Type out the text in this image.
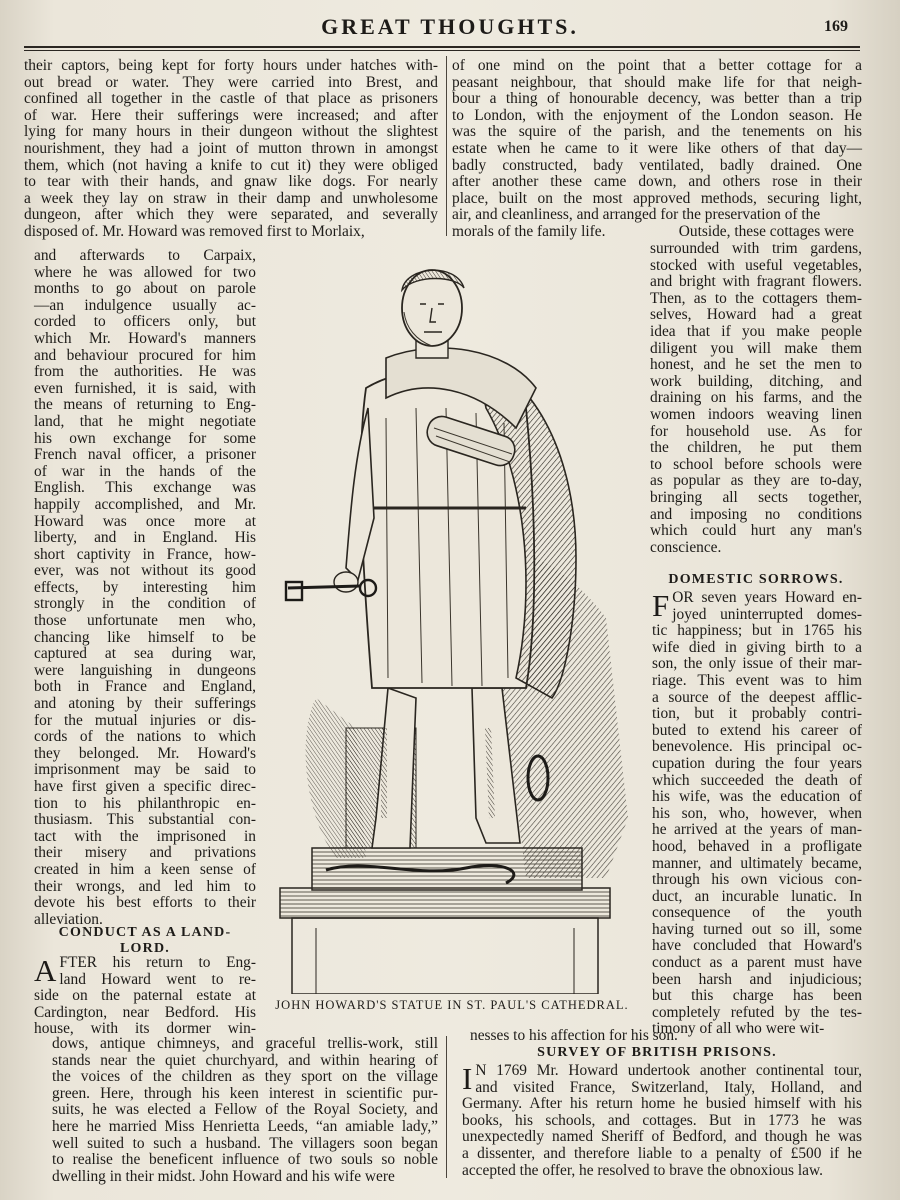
GREAT THOUGHTS.	169
their captors, being kept for forty hours under hatches with-
out bread or water. They were carried into Brest, and
confined all together in the castle of that place as prisoners
of war. Here their sufferings were increased; and after
lying for many hours in their dungeon without the slightest
nourishment, they had a joint of mutton thrown in amongst
them, which (not having a knife to cut it) they were obliged
to tear with their hands, and gnaw like dogs. For nearly
a week they lay on straw in their damp and unwholesome
dungeon, after which they were separated, and severally
disposed of. Mr. Howard was removed first to Morlaix,
and afterwards to Carpaix,
where he was allowed for two
months to go about on parole
—an indulgence usually ac-
corded to officers only, but
which Mr. Howard's manners
and behaviour procured for him
from the authorities. He was
even furnished, it is said, with
the means of returning to Eng-
land, that he might negotiate
his own exchange for some
French naval officer, a prisoner
of war in the hands of the
English. This exchange was
happily accomplished, and Mr.
Howard was once more at
liberty, and in England. His
short captivity in France, how-
ever, was not without its good
effects, by interesting him
strongly in the condition of
those unfortunate men who,
chancing like himself to be
captured at sea during war,
were languishing in dungeons
both in France and England,
and atoning by their sufferings
for the mutual injuries or dis-
cords of the nations to which
they belonged. Mr. Howard's
imprisonment may be said to
have first given a specific direc-
tion to his philanthropic en-
thusiasm. This substantial con-
tact with the imprisoned in
their misery and privations
created in him a keen sense of
their wrongs, and led him to
devote his best efforts to their
alleviation.
CONDUCT AS A LAND-
LORD.
AFTER his return to Eng-
land Howard went to re-
side on the paternal estate at
Cardington, near Bedford. His
house, with its dormer win-
dows, antique chimneys, and graceful trellis-work, still
stands near the quiet churchyard, and within hearing of
the voices of the children as they sport on the village
green. Here, through his keen interest in scientific pur-
suits, he was elected a Fellow of the Royal Society, and
here he married Miss Henrietta Leeds, “an amiable lady,”
well suited to such a husband. The villagers soon began
to realise the beneficent influence of two souls so noble
dwelling in their midst. John Howard and his wife were
of one mind on the point that a better cottage for a
peasant neighbour, that should make life for that neigh-
bour a thing of honourable decency, was better than a trip
to London, with the enjoyment of the London season. He
was the squire of the parish, and the tenements on his
estate when he came to it were like others of that day—
badly constructed, bady ventilated, badly drained. One
after another these came down, and others rose in their
place, built on the most approved methods, securing light,
air, and cleanliness, and arranged for the preservation of the
morals of the family life.	Outside, these cottages were
surrounded with trim gardens,
stocked with useful vegetables,
and bright with fragrant flowers.
Then, as to the cottagers them-
selves, Howard had a great
idea that if you make people
diligent you will make them
honest, and he set the men to
work building, ditching, and
draining on his farms, and the
women indoors weaving linen
for household use. As for
the children, he put them
to school before schools were
as popular as they are to-day,
bringing all sects together,
and imposing no conditions
which could hurt any man's
conscience.
DOMESTIC SORROWS.
FOR seven years Howard en-
joyed uninterrupted domes-
tic happiness; but in 1765 his
wife died in giving birth to a
son, the only issue of their mar-
riage. This event was to him
a source of the deepest afflic-
tion, but it probably contri-
buted to extend his career of
benevolence. His principal oc-
cupation during the four years
which succeeded the death of
his wife, was the education of
his son, who, however, when
he arrived at the years of man-
hood, behaved in a profligate
manner, and ultimately became,
through his own vicious con-
duct, an incurable lunatic. In
consequence of the youth
having turned out so ill, some
have concluded that Howard's
conduct as a parent must have
been harsh and injudicious;
but this charge has been
completely refuted by the tes-
timony of all who were wit-
nesses to his affection for his son.
SURVEY OF BRITISH PRISONS.
I N 1769 Mr. Howard undertook another continental tour,
and visited France, Switzerland, Italy, Holland, and
Germany. After his return home he busied himself with his
books, his schools, and cottages. But in 1773 he was
unexpectedly named Sheriff of Bedford, and though he was
a dissenter, and therefore liable to a penalty of £500 if he
accepted the offer, he resolved to brave the obnoxious law.
JOHN HOWARD'S STATUE IN ST. PAUL'S CATHEDRAL.
